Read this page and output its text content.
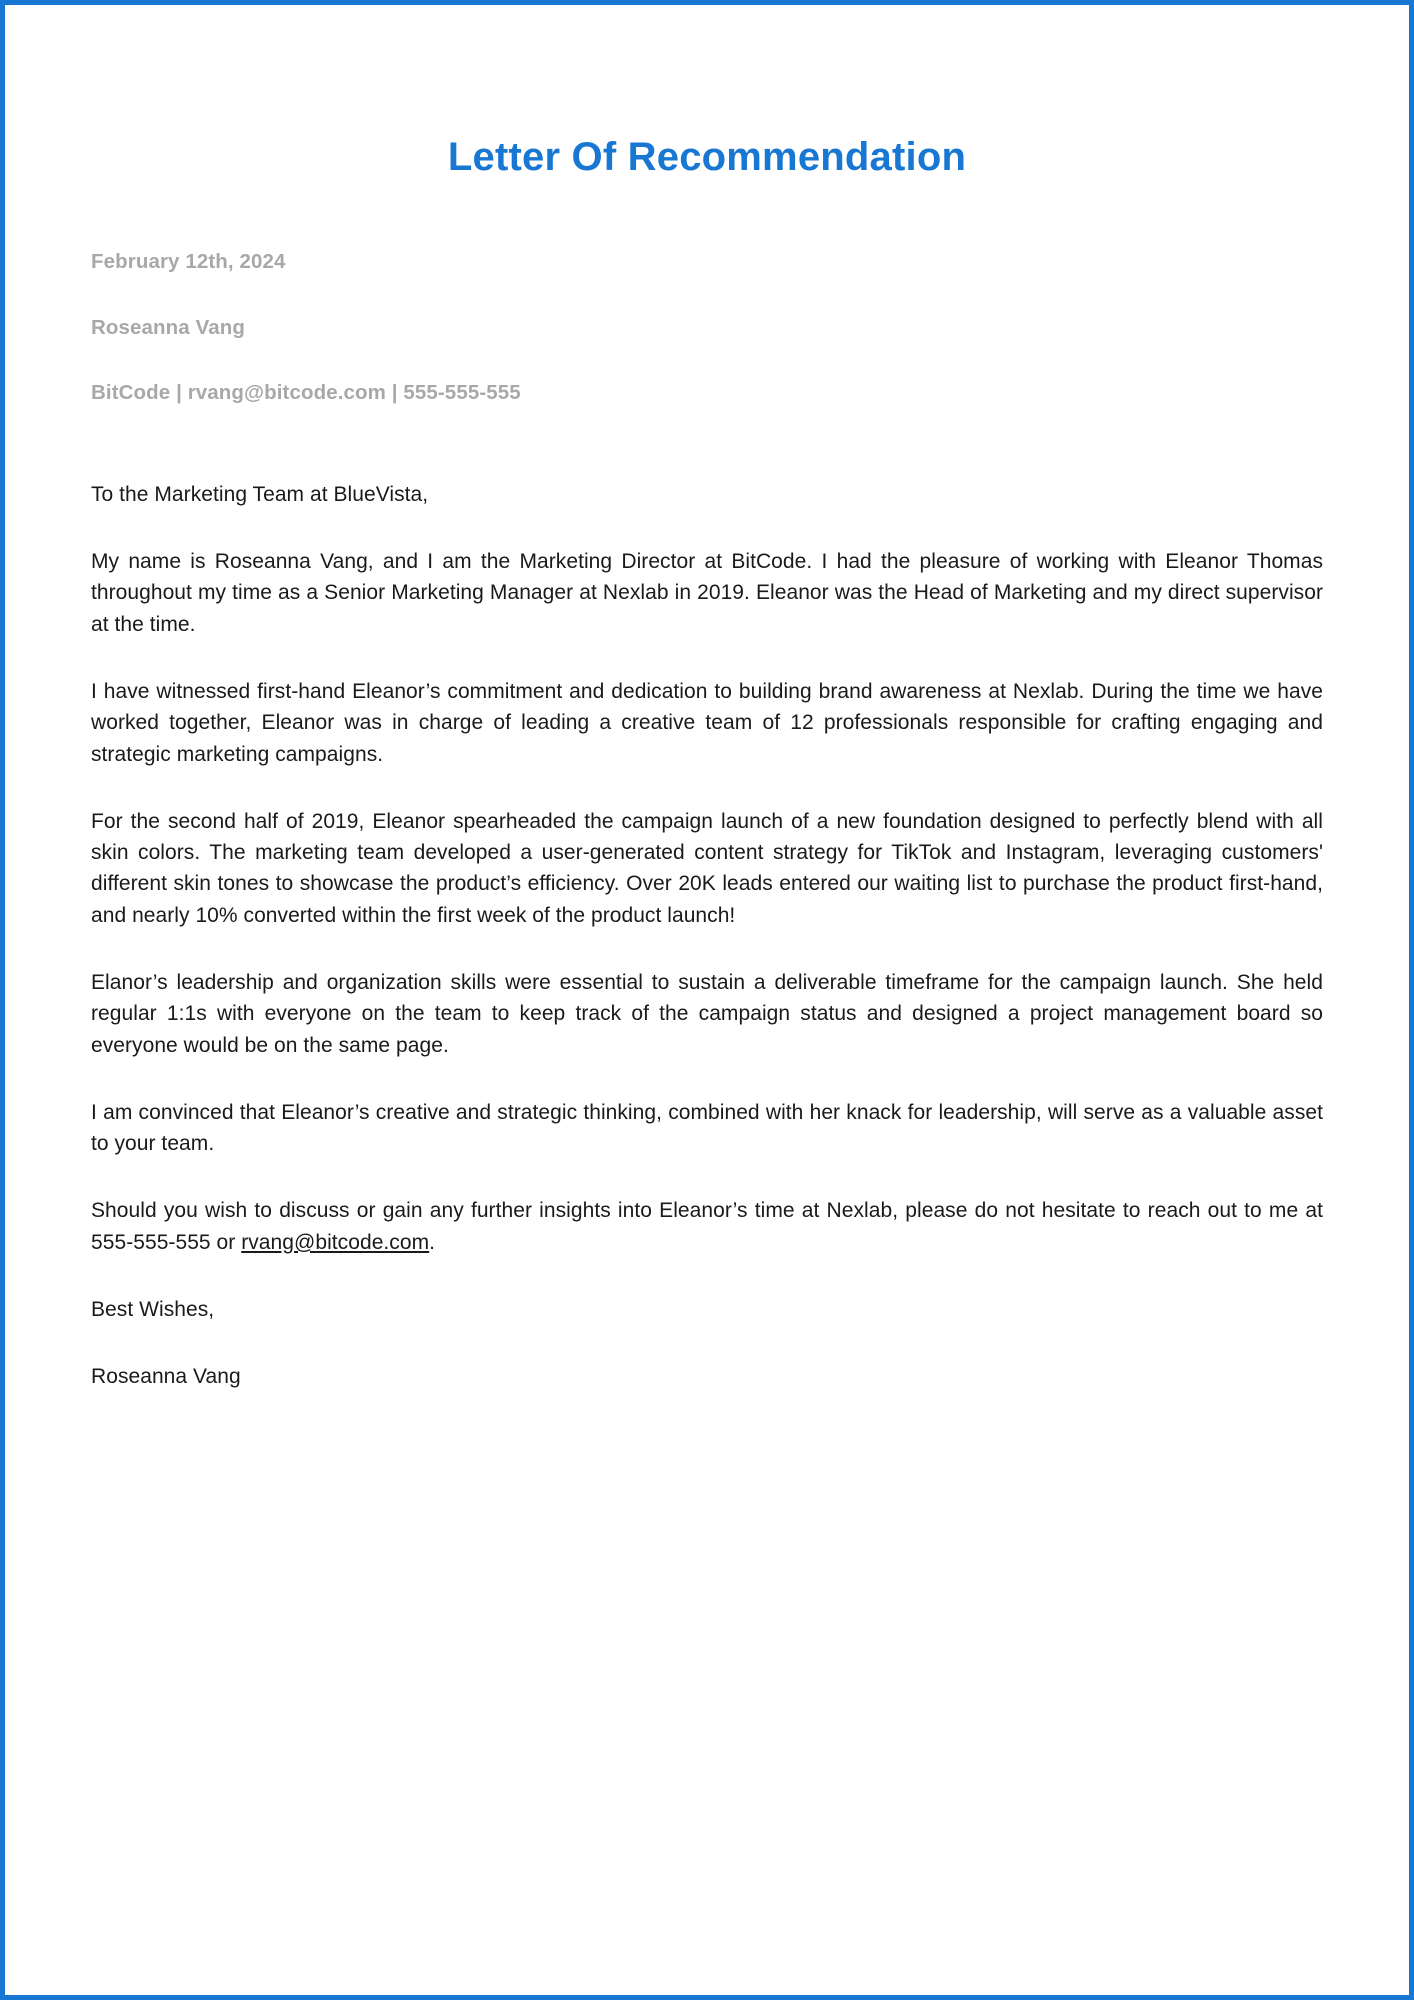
Letter Of Recommendation

February 12th, 2024

Roseanna Vang

BitCode | rvang@bitcode.com | 555-555-555

To the Marketing Team at BlueVista,

My name is Roseanna Vang, and I am the Marketing Director at BitCode. I had the pleasure of working with Eleanor Thomas throughout my time as a Senior Marketing Manager at Nexlab in 2019. Eleanor was the Head of Marketing and my direct supervisor at the time.

I have witnessed first-hand Eleanor’s commitment and dedication to building brand awareness at Nexlab. During the time we have worked together, Eleanor was in charge of leading a creative team of 12 professionals responsible for crafting engaging and strategic marketing campaigns.

For the second half of 2019, Eleanor spearheaded the campaign launch of a new foundation designed to perfectly blend with all skin colors. The marketing team developed a user-generated content strategy for TikTok and Instagram, leveraging customers' different skin tones to showcase the product’s efficiency. Over 20K leads entered our waiting list to purchase the product first-hand, and nearly 10% converted within the first week of the product launch!

Elanor’s leadership and organization skills were essential to sustain a deliverable timeframe for the campaign launch. She held regular 1:1s with everyone on the team to keep track of the campaign status and designed a project management board so everyone would be on the same page.

I am convinced that Eleanor’s creative and strategic thinking, combined with her knack for leadership, will serve as a valuable asset to your team.

Should you wish to discuss or gain any further insights into Eleanor’s time at Nexlab, please do not hesitate to reach out to me at 555-555-555 or rvang@bitcode.com.

Best Wishes,

Roseanna Vang
